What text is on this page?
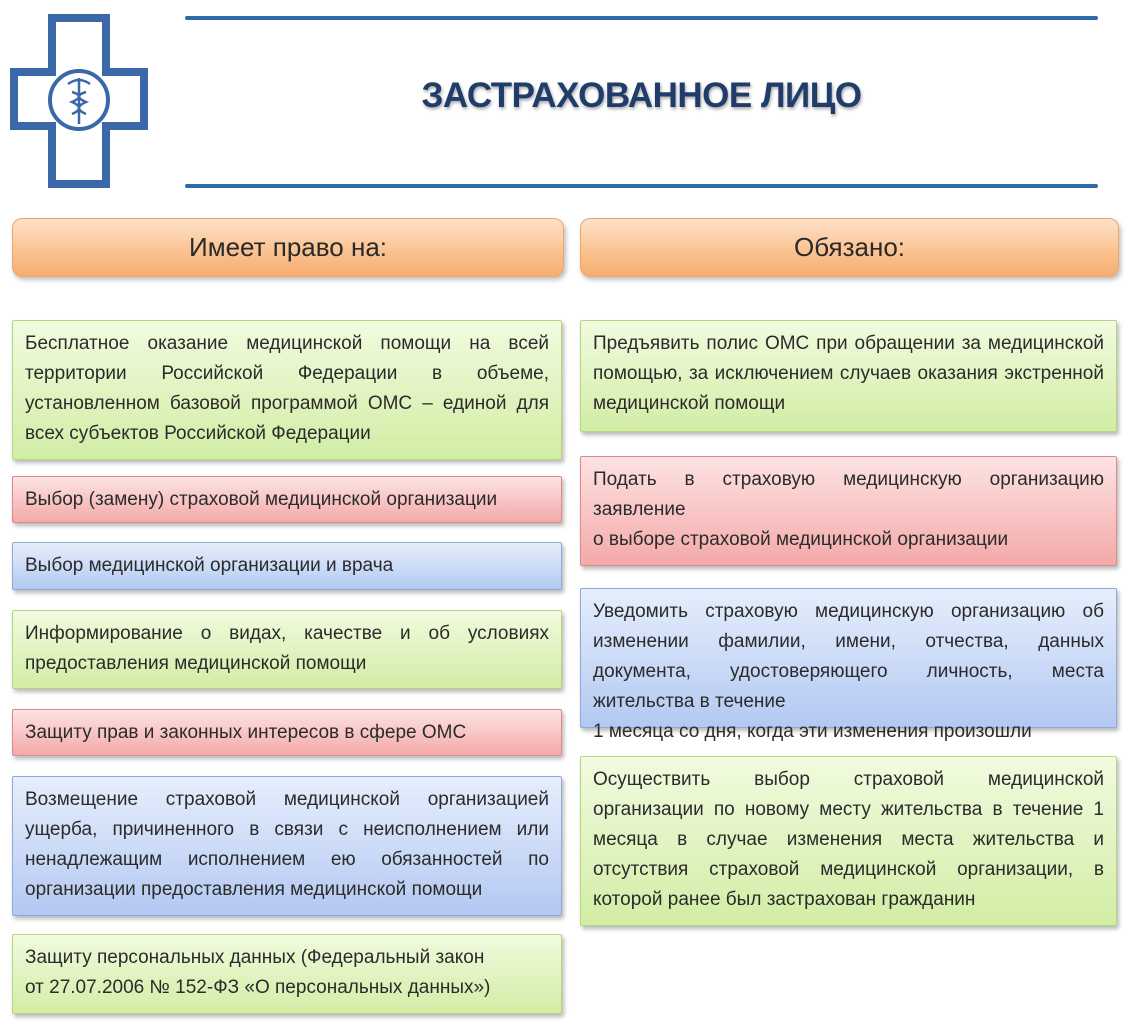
ЗАСТРАХОВАННОЕ ЛИЦО
Имеет право на:	Обязано:
Бесплатное оказание медицинской помощи на всей территории Российской Федерации в объеме, установленном базовой программой ОМС – единой для всех субъектов Российской Федерации
Выбор (замену) страховой медицинской организации
Выбор медицинской организации и врача
Информирование о видах, качестве и об условиях предоставления медицинской помощи
Защиту прав и законных интересов в сфере ОМС
Возмещение страховой медицинской организацией ущерба, причиненного в связи с неисполнением или ненадлежащим исполнением ею обязанностей по организации предоставления медицинской помощи
Защиту персональных данных (Федеральный закон
от 27.07.2006 № 152-ФЗ «О персональных данных»)
Предъявить полис ОМС при обращении за медицинской помощью, за исключением случаев оказания экстренной медицинской помощи
Подать в страховую медицинскую организацию заявление
о выборе страховой медицинской организации
Уведомить страховую медицинскую организацию об изменении фамилии, имени, отчества, данных документа, удостоверяющего личность, места жительства в течение
1 месяца со дня, когда эти изменения произошли
Осуществить выбор страховой медицинской организации по новому месту жительства в течение 1 месяца в случае изменения места жительства и отсутствия страховой медицинской организации, в которой ранее был застрахован гражданин
